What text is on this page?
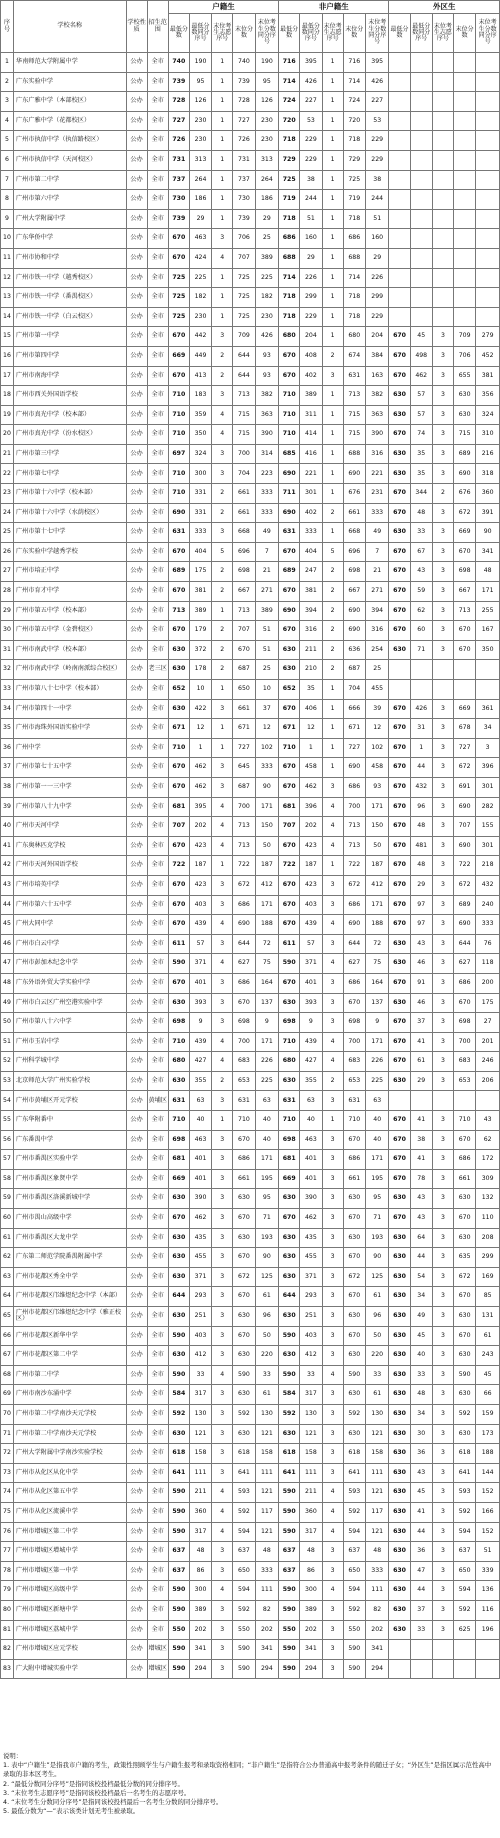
序号	学校名称	学校性质	招生范围	户籍生					非户籍生					外区生				
				最低分数	最低分数同分序号	末位考生志愿序号	末位分数	末位考生分数同分序号	最低分数	最低分数同分序号	末位考生志愿序号	末位分数	末位考生分数同分序号	最低分数	最低分数同分序号	末位考生志愿序号	末位分数	末位考生分数同分序号
1	华南师范大学附属中学	公办	全市	740	190	1	740	190	716	395	1	716	395					
2	广东实验中学	公办	全市	739	95	1	739	95	714	426	1	714	426					
3	广东广雅中学（本部校区）	公办	全市	728	126	1	728	126	724	227	1	724	227					
4	广东广雅中学（花都校区）	公办	全市	727	230	1	727	230	720	53	1	720	53					
5	广州市执信中学（执信路校区）	公办	全市	726	230	1	726	230	718	229	1	718	229					
6	广州市执信中学（天河校区）	公办	全市	731	313	1	731	313	729	229	1	729	229					
7	广州市第二中学	公办	全市	737	264	1	737	264	725	38	1	725	38					
8	广州市第六中学	公办	全市	730	186	1	730	186	719	244	1	719	244					
9	广州大学附属中学	公办	全市	739	29	1	739	29	718	51	1	718	51					
10	广东华侨中学	公办	全市	670	463	3	706	25	686	160	1	686	160					
11	广州市协和中学	公办	全市	670	424	4	707	389	688	29	1	688	29					
12	广州市铁一中学（越秀校区）	公办	全市	725	225	1	725	225	714	226	1	714	226					
13	广州市铁一中学（番禺校区）	公办	全市	725	182	1	725	182	718	299	1	718	299					
14	广州市铁一中学（白云校区）	公办	全市	725	230	1	725	230	718	229	1	718	229					
15	广州市第一中学	公办	全市	670	442	3	709	426	680	204	1	680	204	670	45	3	709	279
16	广州市第四中学	公办	全市	669	449	2	644	93	670	408	2	674	384	670	498	3	706	452
17	广州市南海中学	公办	全市	670	413	2	644	93	670	402	3	631	163	670	462	3	655	381
18	广州市西关外国语学校	公办	全市	710	183	3	713	382	710	389	1	713	382	630	57	3	630	356
19	广州市真光中学（校本部）	公办	全市	710	359	4	715	363	710	311	1	715	363	630	57	3	630	324
20	广州市真光中学（汾水校区）	公办	全市	710	350	4	715	390	710	414	1	715	390	670	74	3	715	310
21	广州市第三中学	公办	全市	697	324	3	700	314	685	416	1	688	316	630	35	3	689	216
22	广州市第七中学	公办	全市	710	300	3	704	223	690	221	1	690	221	630	35	3	690	318
23	广州市第十六中学（校本部）	公办	全市	710	331	2	661	333	711	301	1	676	231	670	344	2	676	360
24	广州市第十六中学（水荫校区）	公办	全市	690	331	2	661	333	690	402	2	661	333	670	48	3	672	391
25	广州市第十七中学	公办	全市	631	333	3	668	49	631	333	1	668	49	630	33	3	669	90
26	广东实验中学越秀学校	公办	全市	670	404	5	696	7	670	404	5	696	7	670	67	3	670	341
27	广州市培正中学	公办	全市	689	175	2	698	21	689	247	2	698	21	670	43	3	698	48
28	广州市育才中学	公办	全市	670	381	2	667	271	670	381	2	667	271	670	59	3	667	171
29	广州市第五中学（校本部）	公办	全市	713	389	1	713	389	690	394	2	690	394	670	62	3	713	255
30	广州市第五中学（金碧校区）	公办	全市	670	179	2	707	51	670	316	2	690	316	670	60	3	670	167
31	广州市南武中学（校本部）	公办	全市	630	372	2	670	51	630	211	2	636	254	630	71	3	670	350
32	广州市南武中学（岭南南派综合校区）	公办	老三区	630	178	2	687	25	630	210	2	687	25					
33	广州市第八十七中学（校本部）	公办	全市	652	10	1	650	10	652	35	1	704	455					
34	广州市第四十一中学	公办	全市	630	422	3	661	37	670	406	1	666	39	670	426	3	669	361
35	广州市海珠外国语实验中学	公办	全市	671	12	1	671	12	671	12	1	671	12	670	31	3	678	34
36	广州中学	公办	全市	710	1	1	727	102	710	1	1	727	102	670	1	3	727	3
37	广州市第七十五中学	公办	全市	670	462	3	645	333	670	458	1	690	458	670	44	3	672	396
38	广州市第一一三中学	公办	全市	670	462	3	687	90	670	462	3	686	93	670	432	3	691	301
39	广州市第八十九中学	公办	全市	681	395	4	700	171	681	396	4	700	171	670	96	3	690	282
40	广州市天河中学	公办	全市	707	202	4	713	150	707	202	4	713	150	670	48	3	707	155
41	广东奥林匹克学校	公办	全市	670	423	4	713	50	670	423	4	713	50	670	481	3	690	301
42	广州市天河外国语学校	公办	全市	722	187	1	722	187	722	187	1	722	187	670	48	3	722	218
43	广州市培英中学	公办	全市	670	423	3	672	412	670	423	3	672	412	670	29	3	672	432
44	广州市第六十五中学	公办	全市	670	403	3	686	171	670	403	3	686	171	670	97	3	689	240
45	广州大同中学	公办	全市	670	439	4	690	188	670	439	4	690	188	670	97	3	690	333
46	广州市白云中学	公办	全市	611	57	3	644	72	611	57	3	644	72	630	43	3	644	76
47	广州市彭加木纪念中学	公办	全市	590	371	4	627	75	590	371	4	627	75	630	46	3	627	118
48	广东外语外贸大学实验中学	公办	全市	670	401	3	686	164	670	401	3	686	164	670	91	3	686	200
49	广州市白云区广州空港实验中学	公办	全市	630	393	3	670	137	630	393	3	670	137	630	46	3	670	175
50	广州市第八十六中学	公办	全市	698	9	3	698	9	698	9	3	698	9	670	37	3	698	27
51	广州市玉岩中学	公办	全市	710	439	4	700	171	710	439	4	700	171	670	41	3	700	201
52	广州科学城中学	公办	全市	680	427	4	683	226	680	427	4	683	226	670	61	3	683	246
53	北京师范大学广州实验学校	公办	全市	630	355	2	653	225	630	355	2	653	225	630	29	3	653	206
54	广州市黄埔区开元学校	公办	黄埔区	631	63	3	631	63	631	63	3	631	63					
55	广东华附番中	公办	全市	710	40	1	710	40	710	40	1	710	40	670	41	3	710	43
56	广东番禺中学	公办	全市	698	463	3	670	40	698	463	3	670	40	670	38	3	670	62
57	广州市番禺区实验中学	公办	全市	681	401	3	686	171	681	401	3	686	171	670	41	3	686	172
58	广州市番禺区象贤中学	公办	全市	669	401	3	661	195	669	401	3	661	195	670	78	3	661	309
59	广州市番禺区洛溪新城中学	公办	全市	630	390	3	630	95	630	390	3	630	95	630	43	3	630	132
60	广州市禺山高级中学	公办	全市	670	462	3	670	71	670	462	3	670	71	670	43	3	670	110
61	广州市番禺区大龙中学	公办	全市	630	435	3	630	193	630	435	3	630	193	630	64	3	630	208
62	广东第二师范学院番禺附属中学	公办	全市	630	455	3	670	90	630	455	3	670	90	630	44	3	635	299
63	广州市花都区秀全中学	公办	全市	630	371	3	672	125	630	371	3	672	125	630	54	3	672	169
64	广州市花都区邝维煜纪念中学（本部）	公办	全市	644	293	3	670	61	644	293	3	670	61	630	34	3	670	85
65	广州市花都区邝维煜纪念中学（雅正校区）	公办	全市	630	251	3	630	96	630	251	3	630	96	630	49	3	630	131
66	广州市花都区新华中学	公办	全市	590	403	3	670	50	590	403	3	670	50	630	45	3	670	61
67	广州市花都区第二中学	公办	全市	630	412	3	630	220	630	412	3	630	220	630	40	3	630	243
68	广州市第二中学	公办	全市	590	33	4	590	33	590	33	4	590	33	630	33	3	590	45
69	广州市南沙东涌中学	公办	全市	584	317	3	630	61	584	317	3	630	61	630	48	3	630	66
70	广州市第二中学南沙天元学校	公办	全市	592	130	3	592	130	592	130	3	592	130	630	34	3	592	159
71	广州市第二中学南沙天元学校	公办	全市	630	121	3	630	121	630	121	3	630	121	630	30	3	630	173
72	广州大学附属中学南沙实验学校	公办	全市	618	158	3	618	158	618	158	3	618	158	630	36	3	618	188
73	广州市从化区从化中学	公办	全市	641	111	3	641	111	641	111	3	641	111	630	43	3	641	144
74	广州市从化区第五中学	公办	全市	590	211	4	593	121	590	211	4	593	121	630	45	3	593	152
75	广州市从化区流溪中学	公办	全市	590	360	4	592	117	590	360	4	592	117	630	41	3	592	166
76	广州市增城区第二中学	公办	全市	590	317	4	594	121	590	317	4	594	121	630	44	3	594	152
77	广州市增城区增城中学	公办	全市	637	48	3	637	48	637	48	3	637	48	630	36	3	637	51
78	广州市增城区第一中学	公办	全市	637	86	3	650	333	637	86	3	650	333	630	47	3	650	339
79	广州市增城区高级中学	公办	全市	590	300	4	594	111	590	300	4	594	111	630	44	3	594	136
80	广州市增城区新塘中学	公办	全市	590	389	3	592	82	590	389	3	592	82	630	37	3	592	116
81	广州市增城区荔城中学	公办	全市	550	202	3	550	202	550	202	3	550	202	630	33	3	625	196
82	广州市增城区应元学校	公办	增城区	590	341	3	590	341	590	341	3	590	341					
83	广大附中增城实验中学	公办	增城区	590	294	3	590	294	590	294	3	590	294					
说明：
1. 表中“户籍生”是指我市户籍的考生，政策性照顾学生与户籍生报考和录取资格相同；“非户籍生”是指符合公办普通高中报考条件的随迁子女；“外区生”是指区属示范性高中录取的非本区考生。
2. “最低分数同分序号”是指同该校投档最低分数的同分排序号。
3. “末位考生志愿序号”是指同该校投档最后一名考生的志愿序号。
4. “末位考生分数同分序号”是指同该校投档最后一名考生分数的同分排序号。
5. 最低分数为“—”表示该类计划无考生被录取。
